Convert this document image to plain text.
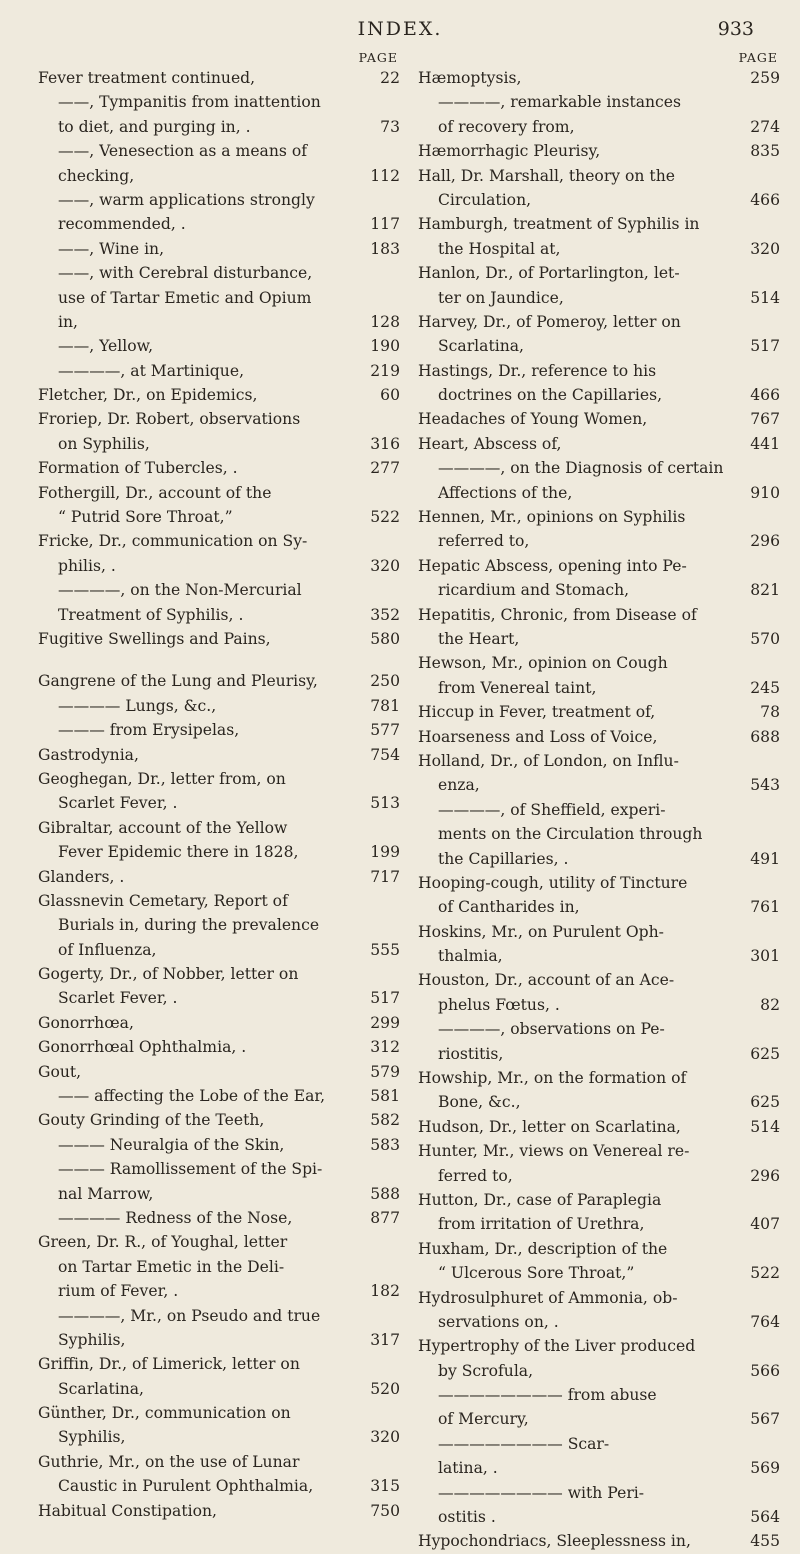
INDEX.	933
PAGE
Fever treatment continued,	22
——, Tympanitis from inattention
to diet, and purging in, .	73
——, Venesection as a means of
checking,	112
——, warm applications strongly
recommended, .	117
——, Wine in,	183
——, with Cerebral disturbance,
use of Tartar Emetic and Opium
in,	128
——, Yellow,	190
————, at Martinique,	219
Fletcher, Dr., on Epidemics,	60
Froriep, Dr. Robert, observations
on Syphilis,	316
Formation of Tubercles, .	277
Fothergill, Dr., account of the
“ Putrid Sore Throat,”	522
Fricke, Dr., communication on Sy-
philis, .	320
————, on the Non-Mercurial
Treatment of Syphilis, .	352
Fugitive Swellings and Pains,	580
Gangrene of the Lung and Pleurisy,	250
———— Lungs, &c.,	781
——— from Erysipelas,	577
Gastrodynia,	754
Geoghegan, Dr., letter from, on
Scarlet Fever, .	513
Gibraltar, account of the Yellow
Fever Epidemic there in 1828,	199
Glanders, .	717
Glassnevin Cemetary, Report of
Burials in, during the prevalence
of Influenza,	555
Gogerty, Dr., of Nobber, letter on
Scarlet Fever, .	517
Gonorrhœa,	299
Gonorrhœal Ophthalmia, .	312
Gout,	579
—— affecting the Lobe of the Ear,	581
Gouty Grinding of the Teeth,	582
——— Neuralgia of the Skin,	583
——— Ramollissement of the Spi-
nal Marrow,	588
———— Redness of the Nose,	877
Green, Dr. R., of Youghal, letter
on Tartar Emetic in the Deli-
rium of Fever, .	182
————, Mr., on Pseudo and true
Syphilis,	317
Griffin, Dr., of Limerick, letter on
Scarlatina,	520
Günther, Dr., communication on
Syphilis,	320
Guthrie, Mr., on the use of Lunar
Caustic in Purulent Ophthalmia,	315
Habitual Constipation,	750
PAGE
Hæmoptysis,	259
————, remarkable instances
of recovery from,	274
Hæmorrhagic Pleurisy,	835
Hall, Dr. Marshall, theory on the
Circulation,	466
Hamburgh, treatment of Syphilis in
the Hospital at,	320
Hanlon, Dr., of Portarlington, let-
ter on Jaundice,	514
Harvey, Dr., of Pomeroy, letter on
Scarlatina,	517
Hastings, Dr., reference to his
doctrines on the Capillaries,	466
Headaches of Young Women,	767
Heart, Abscess of,	441
————, on the Diagnosis of certain
Affections of the,	910
Hennen, Mr., opinions on Syphilis
referred to,	296
Hepatic Abscess, opening into Pe-
ricardium and Stomach,	821
Hepatitis, Chronic, from Disease of
the Heart,	570
Hewson, Mr., opinion on Cough
from Venereal taint,	245
Hiccup in Fever, treatment of,	78
Hoarseness and Loss of Voice,	688
Holland, Dr., of London, on Influ-
enza,	543
————, of Sheffield, experi-
ments on the Circulation through
the Capillaries, .	491
Hooping-cough, utility of Tincture
of Cantharides in,	761
Hoskins, Mr., on Purulent Oph-
thalmia,	301
Houston, Dr., account of an Ace-
phelus Fœtus, .	82
————, observations on Pe-
riostitis,	625
Howship, Mr., on the formation of
Bone, &c.,	625
Hudson, Dr., letter on Scarlatina,	514
Hunter, Mr., views on Venereal re-
ferred to,	296
Hutton, Dr., case of Paraplegia
from irritation of Urethra,	407
Huxham, Dr., description of the
“ Ulcerous Sore Throat,”	522
Hydrosulphuret of Ammonia, ob-
servations on, .	764
Hypertrophy of the Liver produced
by Scrofula,	566
———————— from abuse
of Mercury,	567
———————— Scar-
latina, .	569
———————— with Peri-
ostitis .	564
Hypochondriacs, Sleeplessness in,	455
